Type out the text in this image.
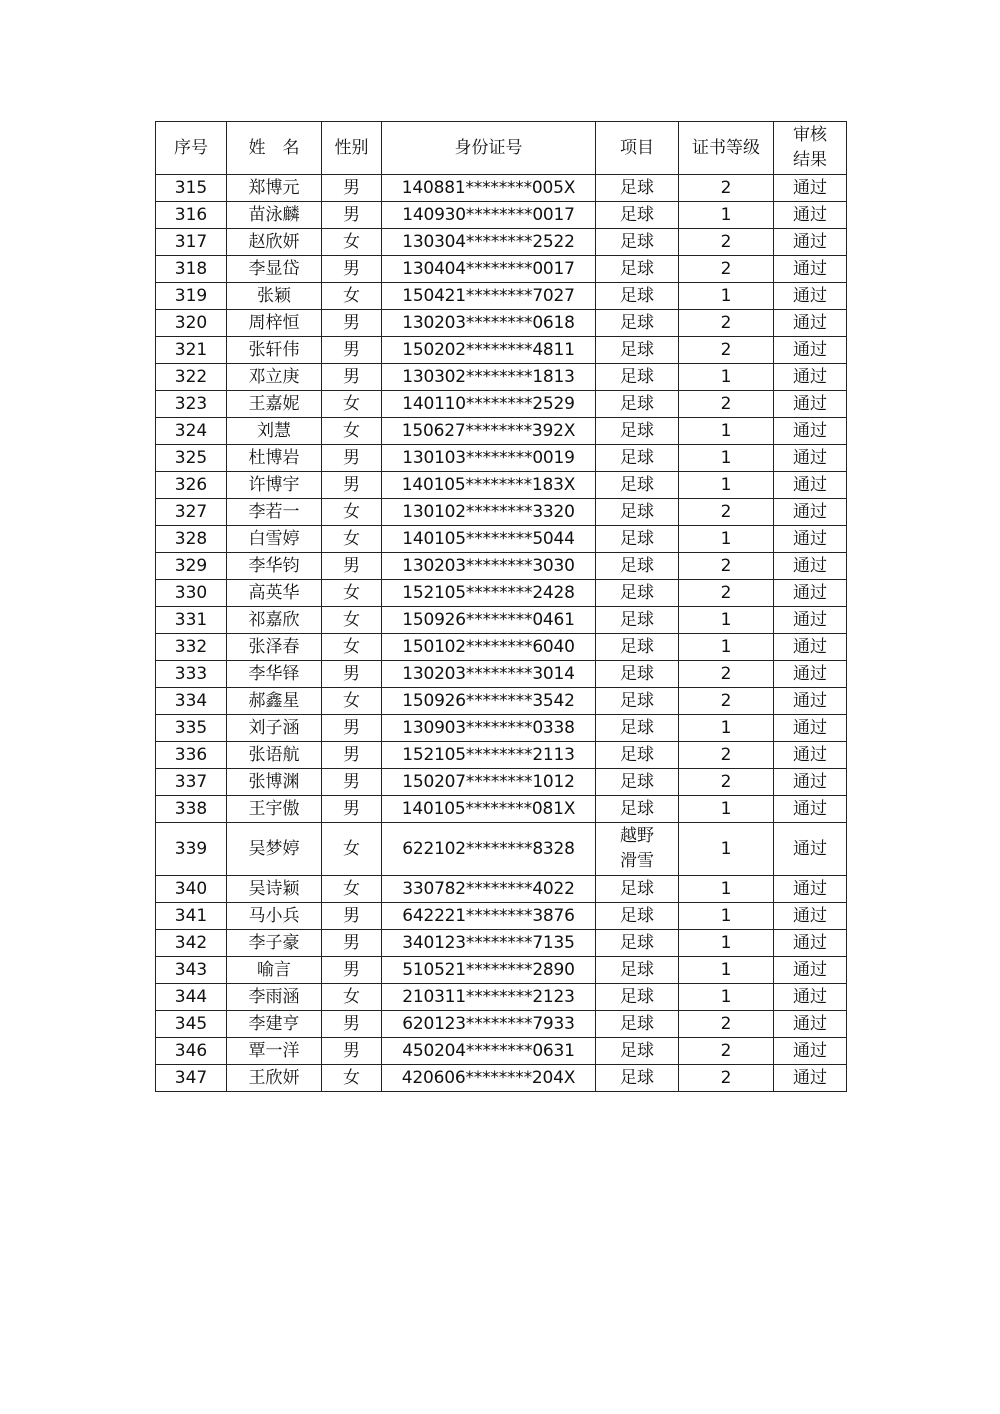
序号	姓　名	性别	身份证号	项目	证书等级	审核
结果

315	郑博元	男	140881********005X	足球	2	通过
316	苗泳麟	男	140930********0017	足球	1	通过
317	赵欣妍	女	130304********2522	足球	2	通过
318	李显岱	男	130404********0017	足球	2	通过
319	张颖	女	150421********7027	足球	1	通过
320	周梓恒	男	130203********0618	足球	2	通过
321	张轩伟	男	150202********4811	足球	2	通过
322	邓立庚	男	130302********1813	足球	1	通过
323	王嘉妮	女	140110********2529	足球	2	通过
324	刘慧	女	150627********392X	足球	1	通过
325	杜博岩	男	130103********0019	足球	1	通过
326	许博宇	男	140105********183X	足球	1	通过
327	李若一	女	130102********3320	足球	2	通过
328	白雪婷	女	140105********5044	足球	1	通过
329	李华钧	男	130203********3030	足球	2	通过
330	高英华	女	152105********2428	足球	2	通过
331	祁嘉欣	女	150926********0461	足球	1	通过
332	张泽春	女	150102********6040	足球	1	通过
333	李华铎	男	130203********3014	足球	2	通过
334	郝鑫星	女	150926********3542	足球	2	通过
335	刘子涵	男	130903********0338	足球	1	通过
336	张语航	男	152105********2113	足球	2	通过
337	张博渊	男	150207********1012	足球	2	通过
338	王宇傲	男	140105********081X	足球	1	通过
339	吴梦婷	女	622102********8328	越野
滑雪	1	通过
340	吴诗颖	女	330782********4022	足球	1	通过
341	马小兵	男	642221********3876	足球	1	通过
342	李子豪	男	340123********7135	足球	1	通过
343	喻言	男	510521********2890	足球	1	通过
344	李雨涵	女	210311********2123	足球	1	通过
345	李建亨	男	620123********7933	足球	2	通过
346	覃一洋	男	450204********0631	足球	2	通过
347	王欣妍	女	420606********204X	足球	2	通过
